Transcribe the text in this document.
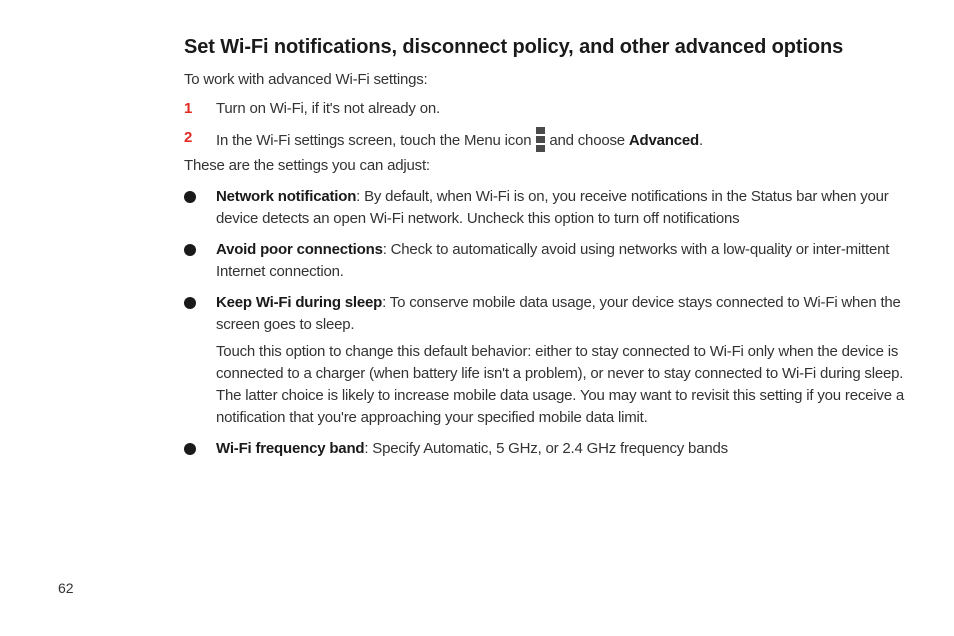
Set Wi-Fi notifications, disconnect policy, and other advanced options
To work with advanced Wi-Fi settings:
1 Turn on Wi-Fi, if it's not already on.
2 In the Wi-Fi settings screen, touch the Menu icon and choose Advanced.
These are the settings you can adjust:
Network notification: By default, when Wi-Fi is on, you receive notifications in the Status bar when your device detects an open Wi-Fi network. Uncheck this option to turn off notifications
Avoid poor connections: Check to automatically avoid using networks with a low-quality or inter-mittent Internet connection.
Keep Wi-Fi during sleep: To conserve mobile data usage, your device stays connected to Wi-Fi when the screen goes to sleep.
Touch this option to change this default behavior: either to stay connected to Wi-Fi only when the device is connected to a charger (when battery life isn't a problem), or never to stay connected to Wi-Fi during sleep. The latter choice is likely to increase mobile data usage. You may want to revisit this setting if you receive a notification that you're approaching your specified mobile data limit.
Wi-Fi frequency band: Specify Automatic, 5 GHz, or 2.4 GHz frequency bands
62
